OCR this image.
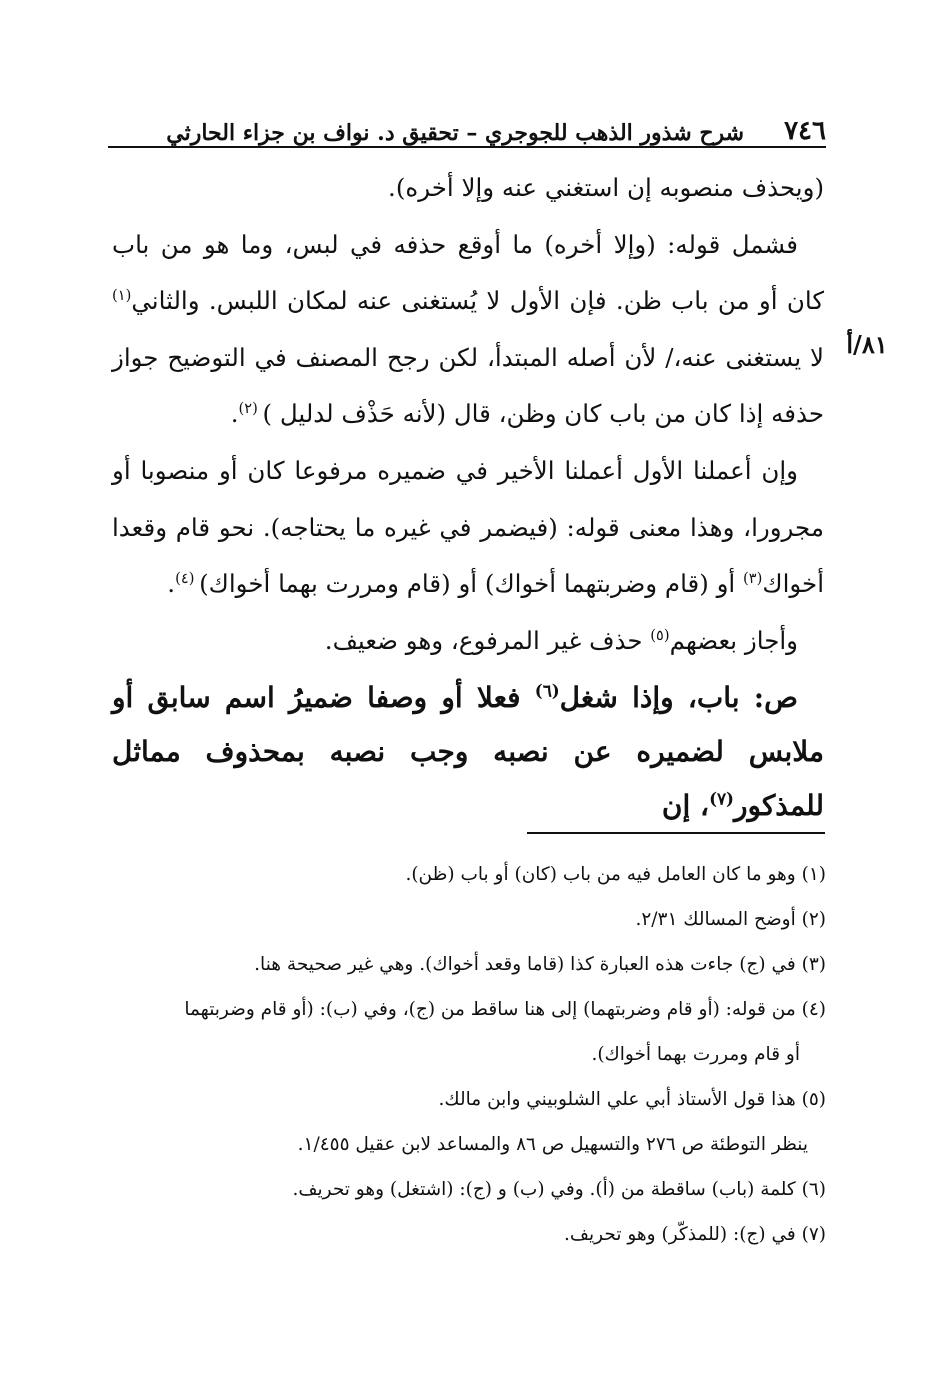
٧٤٦
شرح شذور الذهب للجوجري – تحقيق د. نواف بن جزاء الحارثي
٨١/أ

(ويحذف منصوبه إن استغني عنه وإلا أخره).

فشمل قوله: (وإلا أخره) ما أوقع حذفه في لبس، وما هو من باب كان أو من باب ظن. فإن الأول لا يُستغنى عنه لمكان اللبس. والثاني$^{(١)}$ لا يستغنى عنه،/ لأن أصله المبتدأ، لكن رجح المصنف في التوضيح جواز حذفه إذا كان من باب كان وظن، قال (لأنه حَذْف لدليل ) $^{(٢)}$.

وإن أعملنا الأول أعملنا الأخير في ضميره مرفوعا كان أو منصوبا أو مجرورا، وهذا معنى قوله: (فيضمر في غيره ما يحتاجه). نحو قام وقعدا أخواك$^{(٣)}$ أو (قام وضربتهما أخواك) أو (قام ومررت بهما أخواك) $^{(٤)}$.

وأجاز بعضهم$^{(٥)}$ حذف غير المرفوع، وهو ضعيف.

ص: باب، وإذا شغل$^{(٦)}$ فعلا أو وصفا ضميرُ اسم سابق أو ملابس لضميره عن نصبه وجب نصبه بمحذوف مماثل للمذكور$^{(٧)}$، إن

(١) وهو ما كان العامل فيه من باب (كان) أو باب (ظن).

(٢) أوضح المسالك ٢/٣١.

(٣) في (ج) جاءت هذه العبارة كذا (قاما وقعد أخواك). وهي غير صحيحة هنا.

(٤) من قوله: (أو قام وضربتهما) إلى هنا ساقط من (ج)، وفي (ب): (أو قام وضربتهما

أو قام ومررت بهما أخواك).

(٥) هذا قول الأستاذ أبي علي الشلوبيني وابن مالك.

ينظر التوطئة ص ٢٧٦ والتسهيل ص ٨٦ والمساعد لابن عقيل ١/٤٥٥.

(٦) كلمة (باب) ساقطة من (أ). وفي (ب) و (ج): (اشتغل) وهو تحريف.

(٧) في (ج): (للمذكّر) وهو تحريف.
